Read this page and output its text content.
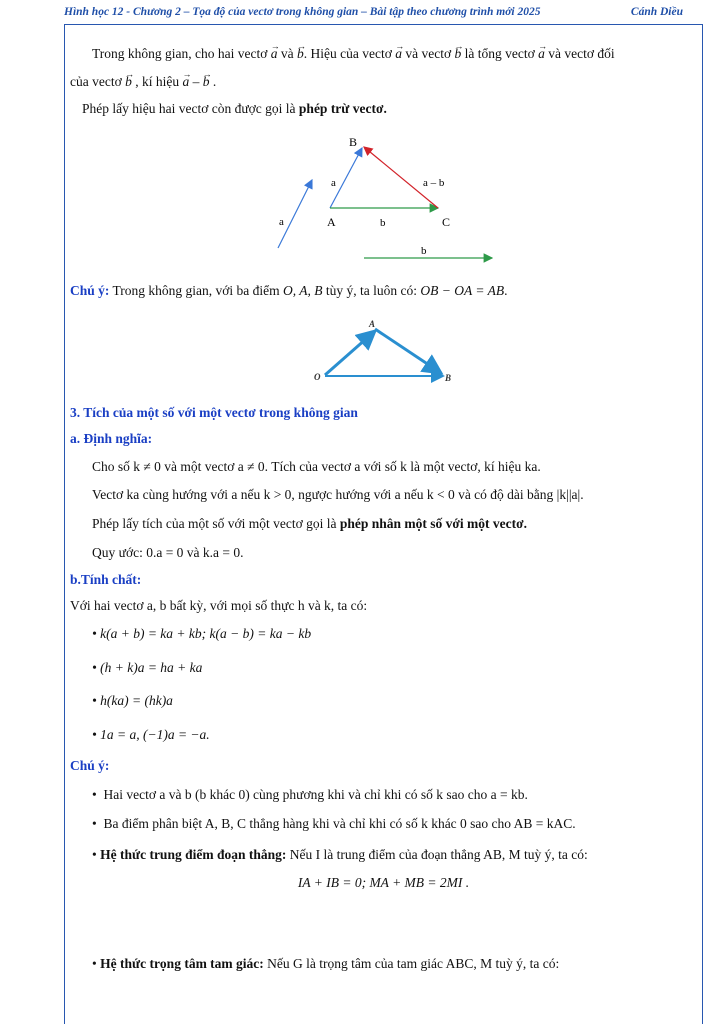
Hình học 12 - Chương 2 – Tọa độ của vectơ trong không gian – Bài tập theo chương trình mới 2025	Cánh Diều
Trong không gian, cho hai vectơ → a và → b. Hiệu của vectơ → a và vectơ → b là tổng vectơ → a và vectơ đối
của vectơ → b , kí hiệu → a – → b .
Phép lấy hiệu hai vectơ còn được gọi là phép trừ vectơ.
B
A	C
a
a	b
b
a – b
Chú ý: Trong không gian, với ba điểm O, A, B tùy ý, ta luôn có: OB − OA = AB.
O
A
B
3. Tích của một số với một vectơ trong không gian
a. Định nghĩa:
Cho số k ≠ 0 và một vectơ a ≠ 0. Tích của vectơ a với số k là một vectơ, kí hiệu ka.
Vectơ ka cùng hướng với a nếu k > 0, ngược hướng với a nếu k < 0 và có độ dài bằng |k||a|.
Phép lấy tích của một số với một vectơ gọi là phép nhân một số với một vectơ.
Quy ước: 0.a = 0 và k.a = 0.
b.Tính chất:
Với hai vectơ a, b bất kỳ, với mọi số thực h và k, ta có:
• k(a + b) = ka + kb; k(a − b) = ka − kb
• (h + k)a = ha + ka
• h(ka) = (hk)a
• 1a = a, (−1)a = −a.
Chú ý:
•  Hai vectơ a và b (b khác 0) cùng phương khi và chỉ khi có số k sao cho a = kb.
•  Ba điểm phân biệt A, B, C thẳng hàng khi và chỉ khi có số k khác 0 sao cho AB = kAC.
• Hệ thức trung điểm đoạn thẳng: Nếu I là trung điểm của đoạn thẳng AB, M tuỳ ý, ta có:
IA + IB = 0; MA + MB = 2MI .
• Hệ thức trọng tâm tam giác: Nếu G là trọng tâm của tam giác ABC, M tuỳ ý, ta có:
